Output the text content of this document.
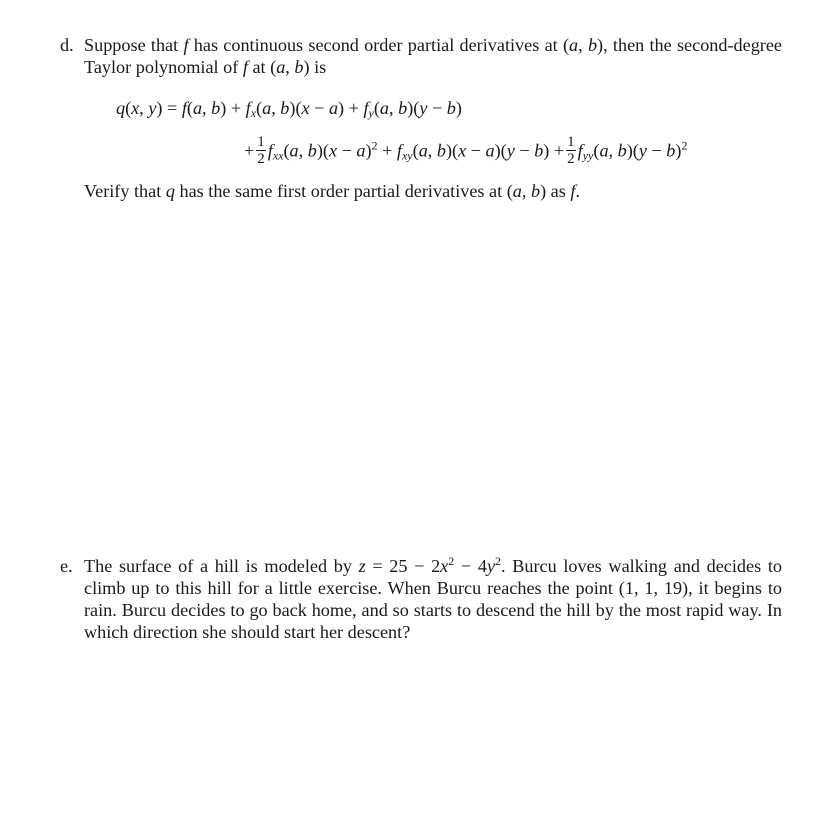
d. Suppose that f has continuous second order partial derivatives at (a, b), then the second-degree Taylor polynomial of f at (a, b) is
q(x, y) = f(a, $b) + f_x(a$, $b)(x - a) + f_y(a$, b)(y − b)
+ $\frac{1}{2} f_{xx}(a$, $b)(x - a)^2 + f_{xy}(a$, $b)(x - a)(y - b) + \frac{1}{2} f_{yy}(a$, $b)(y - b)^2$
Verify that q has the same first order partial derivatives at (a, b) as f.
e. The surface of a hill is modeled by $z = 25 - 2x^2 - 4y^2$. Burcu loves walking and decides to climb up to this hill for a little exercise. When Burcu reaches the point (1, 1, 19), it begins to rain. Burcu decides to go back home, and so starts to descend the hill by the most rapid way. In which direction she should start her descent?
